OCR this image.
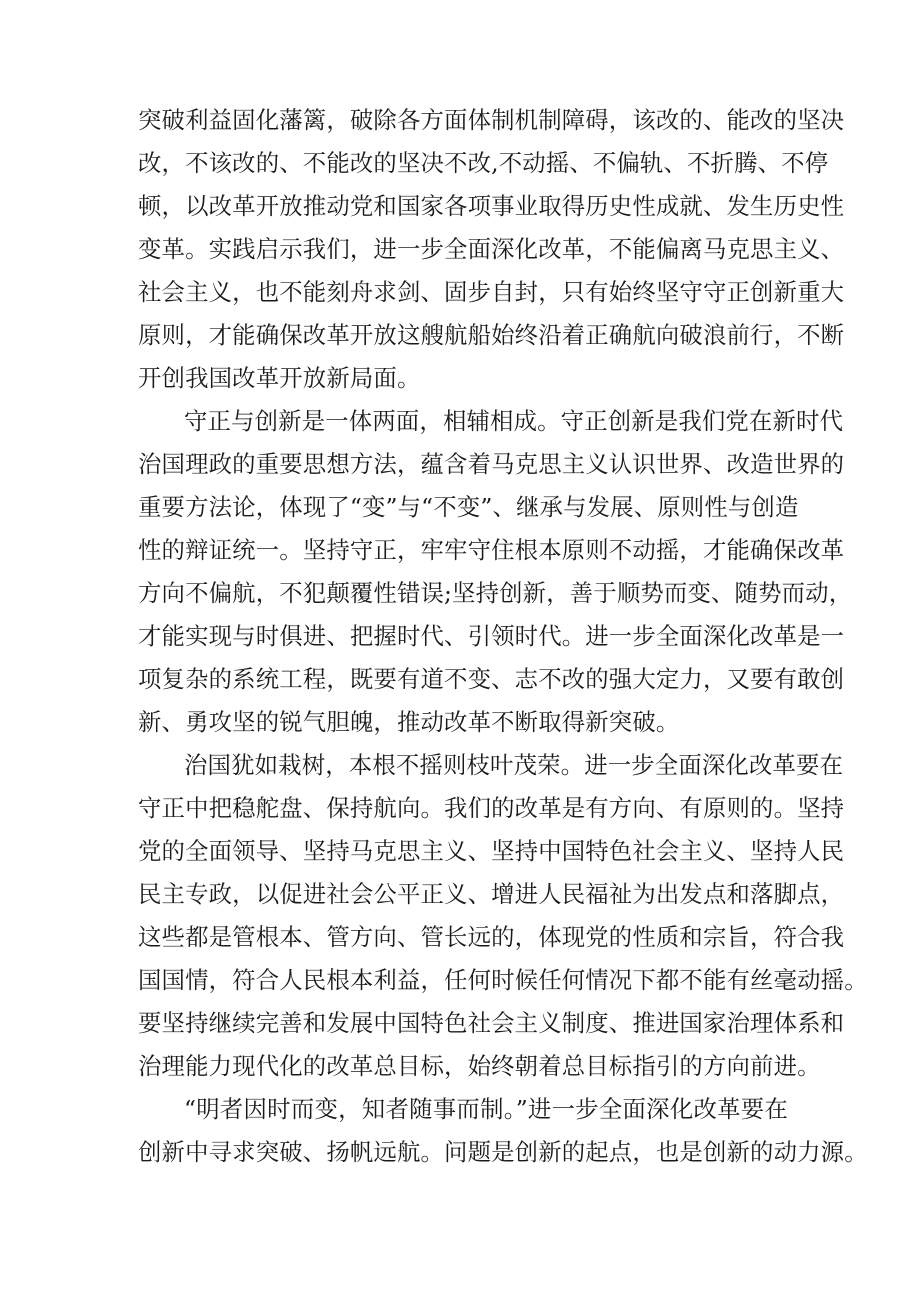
突破利益固化藩篱，破除各方面体制机制障碍，该改的、能改的坚决
改，不该改的、不能改的坚决不改,不动摇、不偏轨、不折腾、不停
顿，以改革开放推动党和国家各项事业取得历史性成就、发生历史性
变革。实践启示我们，进一步全面深化改革，不能偏离马克思主义、
社会主义，也不能刻舟求剑、固步自封，只有始终坚守守正创新重大
原则，才能确保改革开放这艘航船始终沿着正确航向破浪前行，不断
开创我国改革开放新局面。
守正与创新是一体两面，相辅相成。守正创新是我们党在新时代
治国理政的重要思想方法，蕴含着马克思主义认识世界、改造世界的
重要方法论，体现了“变”与“不变”、继承与发展、原则性与创造
性的辩证统一。坚持守正，牢牢守住根本原则不动摇，才能确保改革
方向不偏航，不犯颠覆性错误;坚持创新，善于顺势而变、随势而动，
才能实现与时俱进、把握时代、引领时代。进一步全面深化改革是一
项复杂的系统工程，既要有道不变、志不改的强大定力，又要有敢创
新、勇攻坚的锐气胆魄，推动改革不断取得新突破。
治国犹如栽树，本根不摇则枝叶茂荣。进一步全面深化改革要在
守正中把稳舵盘、保持航向。我们的改革是有方向、有原则的。坚持
党的全面领导、坚持马克思主义、坚持中国特色社会主义、坚持人民
民主专政，以促进社会公平正义、增进人民福祉为出发点和落脚点，
这些都是管根本、管方向、管长远的，体现党的性质和宗旨，符合我
国国情，符合人民根本利益，任何时候任何情况下都不能有丝毫动摇。
要坚持继续完善和发展中国特色社会主义制度、推进国家治理体系和
治理能力现代化的改革总目标，始终朝着总目标指引的方向前进。
“明者因时而变，知者随事而制。”进一步全面深化改革要在
创新中寻求突破、扬帆远航。问题是创新的起点，也是创新的动力源。
